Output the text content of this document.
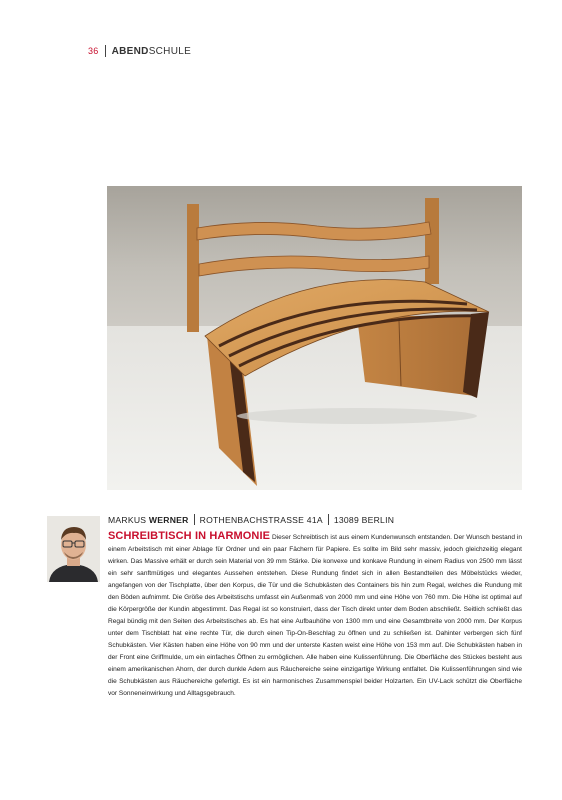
36 ABEND SCHULE
MARKUS
WERNER ROTHENBACHSTRASSE 41A 13089 BERLIN
SCHREIBTISCH IN HARMONIE Dieser Schreibtisch ist aus einem Kundenwunsch entstanden. Der Wunsch bestand in einem Arbeitstisch mit einer Ablage für Ordner und ein paar Fächern für Papiere. Es sollte im Bild sehr massiv, jedoch gleichzeitig elegant wirken. Das Massive erhält er durch sein Material von 39 mm Stärke. Die konvexe und konkave Rundung in einem Radius von 2500 mm lässt ein sehr sanftmütiges und elegantes Aussehen entstehen. Diese Rundung findet sich in allen Bestandteilen des Möbelstücks wieder, angefangen von der Tischplatte, über den Korpus, die Tür und die Schubkästen des Containers bis hin zum Regal, welches die Rundung mit den Böden aufnimmt. Die Größe des Arbeitstischs umfasst ein Außenmaß von 2000 mm und eine Höhe von 760 mm. Die Höhe ist optimal auf die Körpergröße der Kundin abgestimmt. Das Regal ist so konstruiert, dass der Tisch direkt unter dem Boden abschließt. Seitlich schließt das Regal bündig mit den Seiten des Arbeitstisches ab. Es hat eine Aufbauhöhe von 1300 mm und eine Gesamtbreite von 2000 mm. Der Korpus unter dem Tischblatt hat eine rechte Tür, die durch einen Tip-On-Beschlag zu öffnen und zu schließen ist. Dahinter verbergen sich fünf Schubkästen. Vier Kästen haben eine Höhe von 90 mm und der unterste Kasten weist eine Höhe von 153 mm auf. Die Schubkästen haben in der Front eine Griffmulde, um ein einfaches Öffnen zu ermöglichen. Alle haben eine Kulissenführung. Die Oberfläche des Stückes besteht aus einem amerikanischen Ahorn, der durch dunkle Adern aus Räuchereiche seine einzigartige Wirkung entfaltet. Die Kulissenführungen sind wie die Schubkästen aus Räuchereiche gefertigt. Es ist ein harmonisches Zusammenspiel beider Holzarten. Ein UV-Lack schützt die Oberfläche vor Sonneneinwirkung und Alltagsgebrauch.
